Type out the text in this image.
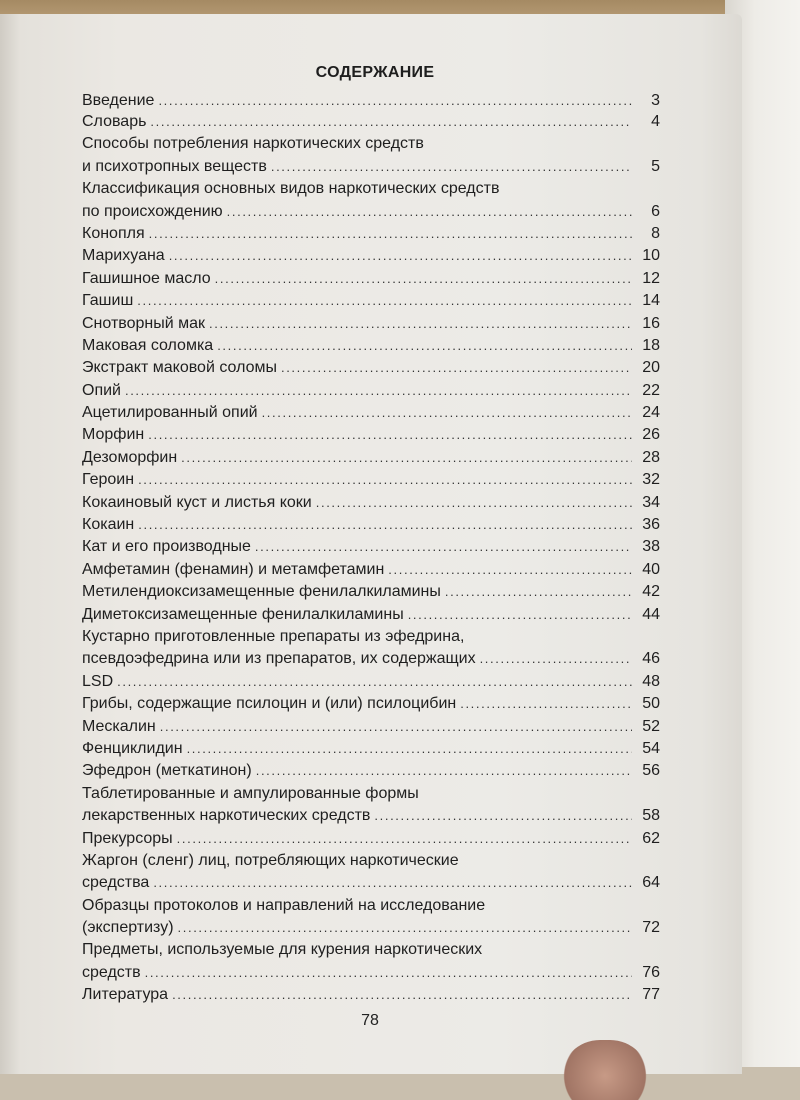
СОДЕРЖАНИЕ
Введение . . .	3
Словарь . . .	4
Способы потребления наркотических средств
и психотропных веществ . . .	5
Классификация основных видов наркотических средств
по происхождению . . .	6
Конопля . . .	8
Марихуана . . .	10
Гашишное масло . . .	12
Гашиш . . .	14
Снотворный мак . . .	16
Маковая соломка . . .	18
Экстракт маковой соломы . . .	20
Опий . . .	22
Ацетилированный опий . . .	24
Морфин . . .	26
Дезоморфин . . .	28
Героин . . .	32
Кокаиновый куст и листья коки . . .	34
Кокаин . . .	36
Кат и его производные . . .	38
Амфетамин (фенамин) и метамфетамин . . .	40
Метилендиоксизамещенные фенилалкиламины . . .	42
Диметоксизамещенные фенилалкиламины . . .	44
Кустарно приготовленные препараты из эфедрина,
псевдоэфедрина или из препаратов, их содержащих . . .	46
LSD . . .	48
Грибы, содержащие псилоцин и (или) псилоцибин . . .	50
Мескалин . . .	52
Фенциклидин . . .	54
Эфедрон (меткатинон) . . .	56
Таблетированные и ампулированные формы
лекарственных наркотических средств . . .	58
Прекурсоры . . .	62
Жаргон (сленг) лиц, потребляющих наркотические
средства . . .	64
Образцы протоколов и направлений на исследование
(экспертизу) . . .	72
Предметы, используемые для курения наркотических
средств . . .	76
Литература . . .	77
78
